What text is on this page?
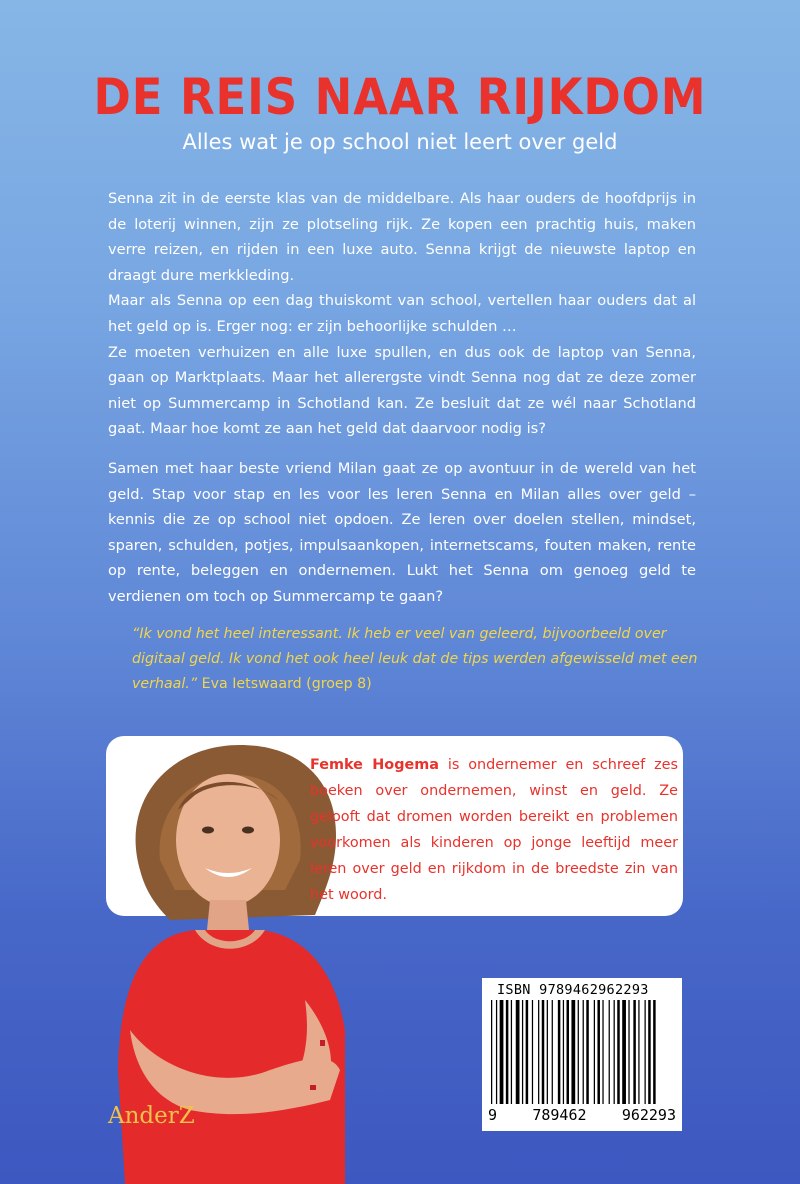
DE REIS NAAR RIJKDOM
Alles wat je op school niet leert over geld

Senna zit in de eerste klas van de middelbare. Als haar ouders de hoofdprijs in de loterij winnen, zijn ze plotseling rijk. Ze kopen een prachtig huis, maken verre reizen, en rijden in een luxe auto. Senna krijgt de nieuwste laptop en draagt dure merkkleding.

Maar als Senna op een dag thuiskomt van school, vertellen haar ouders dat al het geld op is. Erger nog: er zijn behoorlijke schulden …

Ze moeten verhuizen en alle luxe spullen, en dus ook de laptop van Senna, gaan op Marktplaats. Maar het allerergste vindt Senna nog dat ze deze zomer niet op Summercamp in Schotland kan. Ze besluit dat ze wél naar Schotland gaat. Maar hoe komt ze aan het geld dat daarvoor nodig is?

Samen met haar beste vriend Milan gaat ze op avontuur in de wereld van het geld. Stap voor stap en les voor les leren Senna en Milan alles over geld – kennis die ze op school niet opdoen. Ze leren over doelen stellen, mindset, sparen, schulden, potjes, impulsaankopen, internetscams, fouten maken, rente op rente, beleggen en ondernemen. Lukt het Senna om genoeg geld te verdienen om toch op Summercamp te gaan?

“Ik vond het heel interessant. Ik heb er veel van geleerd, bijvoorbeeld over digitaal geld. Ik vond het ook heel leuk dat de tips werden afgewisseld met een verhaal.” Eva Ietswaard (groep 8)
Femke Hogema is ondernemer en schreef zes boeken over ondernemen, winst en geld. Ze gelooft dat dromen worden bereikt en problemen voorkomen als kinderen op jonge leeftijd meer leren over geld en rijkdom in de breedste zin van het woord.
AnderZ
ISBN 9789462962293
9 789462 962293
